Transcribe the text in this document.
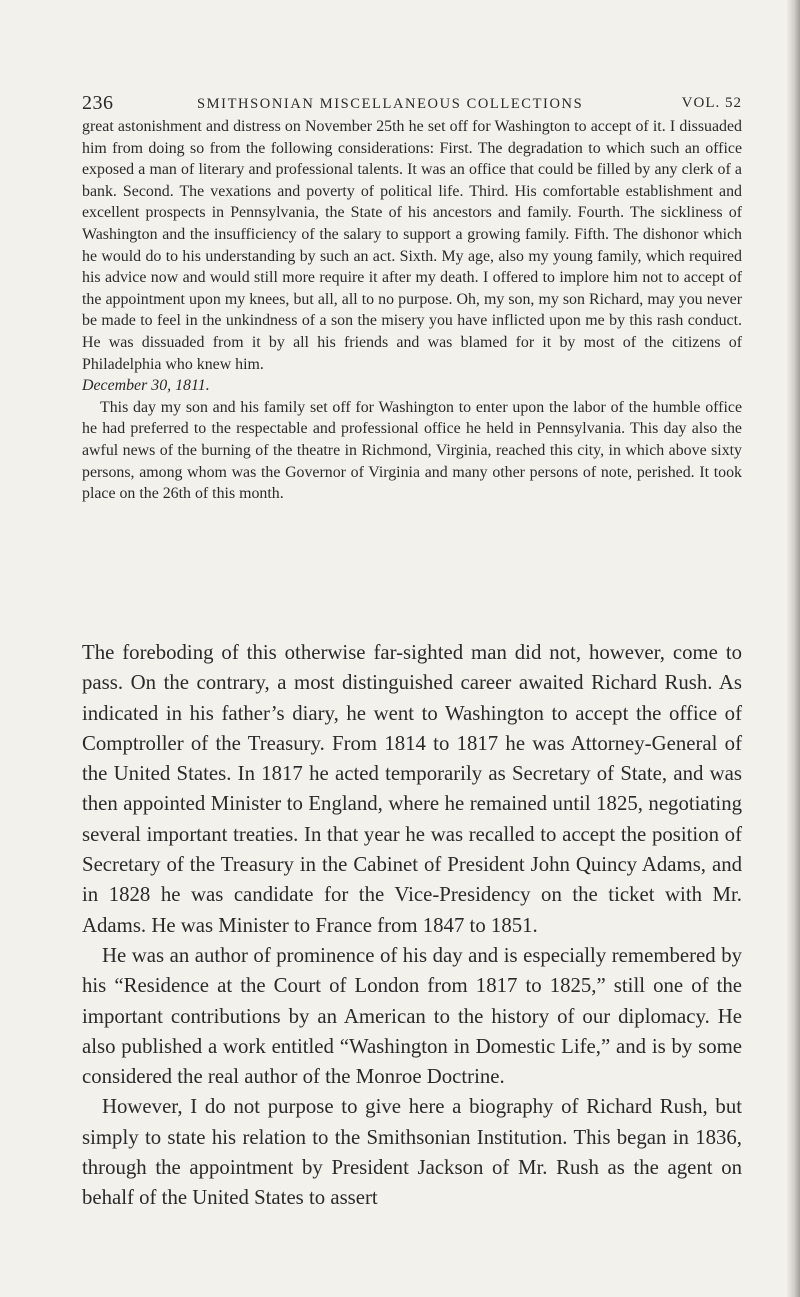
236	SMITHSONIAN MISCELLANEOUS COLLECTIONS	VOL. 52

great astonishment and distress on November 25th he set off for Washington to accept of it. I dissuaded him from doing so from the following considerations: First. The degradation to which such an office exposed a man of literary and professional talents. It was an office that could be filled by any clerk of a bank. Second. The vexations and poverty of political life. Third. His comfortable establishment and excellent prospects in Pennsylvania, the State of his ancestors and family. Fourth. The sickliness of Washington and the insufficiency of the salary to support a growing family. Fifth. The dishonor which he would do to his understanding by such an act. Sixth. My age, also my young family, which required his advice now and would still more require it after my death. I offered to implore him not to accept of the appointment upon my knees, but all, all to no purpose. Oh, my son, my son Richard, may you never be made to feel in the unkindness of a son the misery you have inflicted upon me by this rash conduct. He was dissuaded from it by all his friends and was blamed for it by most of the citizens of Philadelphia who knew him.

December 30, 1811.

This day my son and his family set off for Washington to enter upon the labor of the humble office he had preferred to the respectable and professional office he held in Pennsylvania. This day also the awful news of the burning of the theatre in Richmond, Virginia, reached this city, in which above sixty persons, among whom was the Governor of Virginia and many other persons of note, perished. It took place on the 26th of this month.

The foreboding of this otherwise far-sighted man did not, however, come to pass. On the contrary, a most distinguished career awaited Richard Rush. As indicated in his father’s diary, he went to Washington to accept the office of Comptroller of the Treasury. From 1814 to 1817 he was Attorney-General of the United States. In 1817 he acted temporarily as Secretary of State, and was then appointed Minister to England, where he remained until 1825, negotiating several important treaties. In that year he was recalled to accept the position of Secretary of the Treasury in the Cabinet of President John Quincy Adams, and in 1828 he was candidate for the Vice-Presidency on the ticket with Mr. Adams. He was Minister to France from 1847 to 1851.

He was an author of prominence of his day and is especially remembered by his “Residence at the Court of London from 1817 to 1825,” still one of the important contributions by an American to the history of our diplomacy. He also published a work entitled “Washington in Domestic Life,” and is by some considered the real author of the Monroe Doctrine.

However, I do not purpose to give here a biography of Richard Rush, but simply to state his relation to the Smithsonian Institution. This began in 1836, through the appointment by President Jackson of Mr. Rush as the agent on behalf of the United States to assert
